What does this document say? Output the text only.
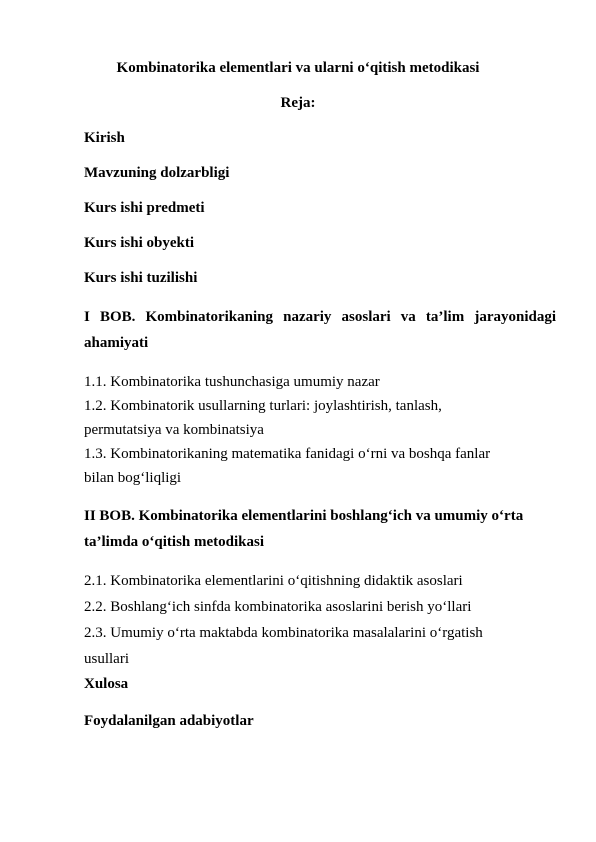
Kombinatorika elementlari va ularni o‘qitish metodikasi
Reja:
Kirish
Mavzuning dolzarbligi
Kurs ishi predmeti
Kurs ishi obyekti
Kurs ishi tuzilishi
I BOB. Kombinatorikaning nazariy asoslari va ta’lim jarayonidagi
ahamiyati
1.1. Kombinatorika tushunchasiga umumiy nazar
1.2. Kombinatorik usullarning turlari: joylashtirish, tanlash,
permutatsiya va kombinatsiya
1.3. Kombinatorikaning matematika fanidagi o‘rni va boshqa fanlar
bilan bog‘liqligi
II BOB. Kombinatorika elementlarini boshlang‘ich va umumiy o‘rta
ta’limda o‘qitish metodikasi
2.1. Kombinatorika elementlarini o‘qitishning didaktik asoslari
2.2. Boshlang‘ich sinfda kombinatorika asoslarini berish yo‘llari
2.3. Umumiy o‘rta maktabda kombinatorika masalalarini o‘rgatish
usullari
Xulosa
Foydalanilgan adabiyotlar
